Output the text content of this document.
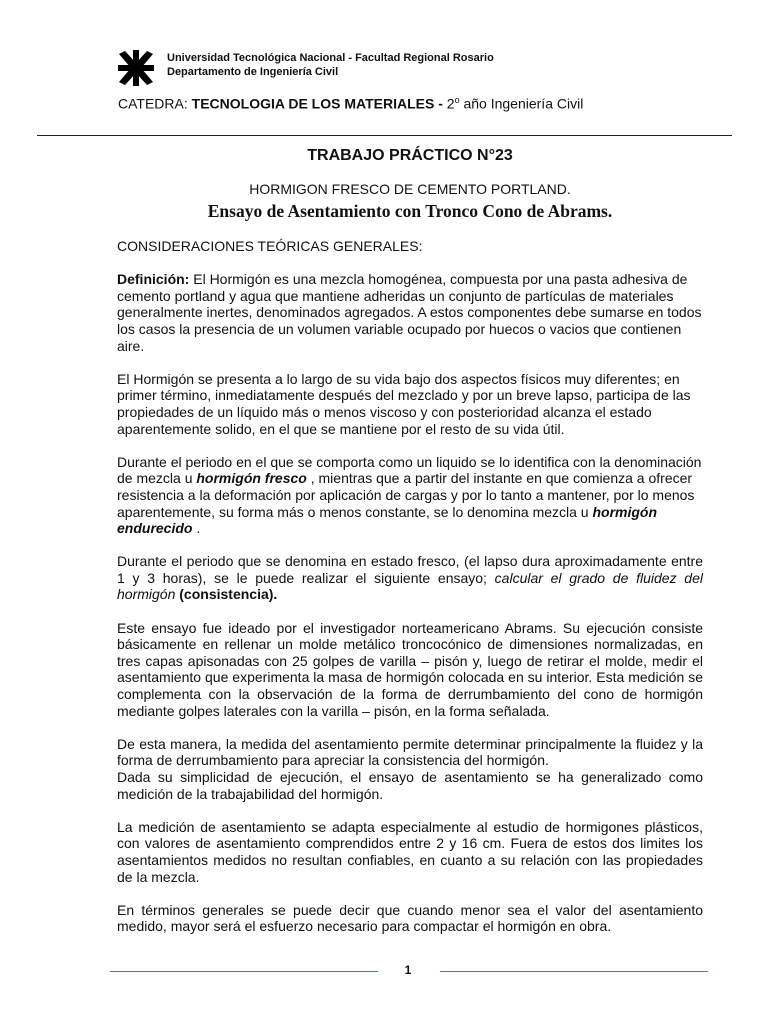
Universidad Tecnológica Nacional - Facultad Regional Rosario
Departamento de Ingeniería Civil
CATEDRA: TECNOLOGIA DE LOS MATERIALES - 2$^o$ año Ingeniería Civil
TRABAJO PRÁCTICO N°23
HORMIGON FRESCO DE CEMENTO PORTLAND.
Ensayo de Asentamiento con Tronco Cono de Abrams.

CONSIDERACIONES TEÓRICAS GENERALES:

Definición: El Hormigón es una mezcla homogénea, compuesta por una pasta adhesiva de cemento portland y agua que mantiene adheridas un conjunto de partículas de materiales generalmente inertes, denominados agregados. A estos componentes debe sumarse en todos los casos la presencia de un volumen variable ocupado por huecos o vacios que contienen aire.

El Hormigón se presenta a lo largo de su vida bajo dos aspectos físicos muy diferentes; en primer término, inmediatamente después del mezclado y por un breve lapso, participa de las propiedades de un líquido más o menos viscoso y con posterioridad alcanza el estado aparentemente solido, en el que se mantiene por el resto de su vida útil.

Durante el periodo en el que se comporta como un liquido se lo identifica con la denominación de mezcla u hormigón fresco , mientras que a partir del instante en que comienza a ofrecer resistencia a la deformación por aplicación de cargas y por lo tanto a mantener, por lo menos aparentemente, su forma más o menos constante, se lo denomina mezcla u hormigón endurecido .

Durante el periodo que se denomina en estado fresco, (el lapso dura aproximadamente entre 1 y 3 horas), se le puede realizar el siguiente ensayo; calcular el grado de fluidez del hormigón (consistencia).

Este ensayo fue ideado por el investigador norteamericano Abrams. Su ejecución consiste básicamente en rellenar un molde metálico troncocónico de dimensiones normalizadas, en tres capas apisonadas con 25 golpes de varilla – pisón y, luego de retirar el molde, medir el asentamiento que experimenta la masa de hormigón colocada en su interior. Esta medición se complementa con la observación de la forma de derrumbamiento del cono de hormigón mediante golpes laterales con la varilla – pisón, en la forma señalada.

De esta manera, la medida del asentamiento permite determinar principalmente la fluidez y la forma de derrumbamiento para apreciar la consistencia del hormigón.
Dada su simplicidad de ejecución, el ensayo de asentamiento se ha generalizado como medición de la trabajabilidad del hormigón.

La medición de asentamiento se adapta especialmente al estudio de hormigones plásticos, con valores de asentamiento comprendidos entre 2 y 16 cm. Fuera de estos dos limites los asentamientos medidos no resultan confiables, en cuanto a su relación con las propiedades de la mezcla.

En términos generales se puede decir que cuando menor sea el valor del asentamiento medido, mayor será el esfuerzo necesario para compactar el hormigón en obra.

1
